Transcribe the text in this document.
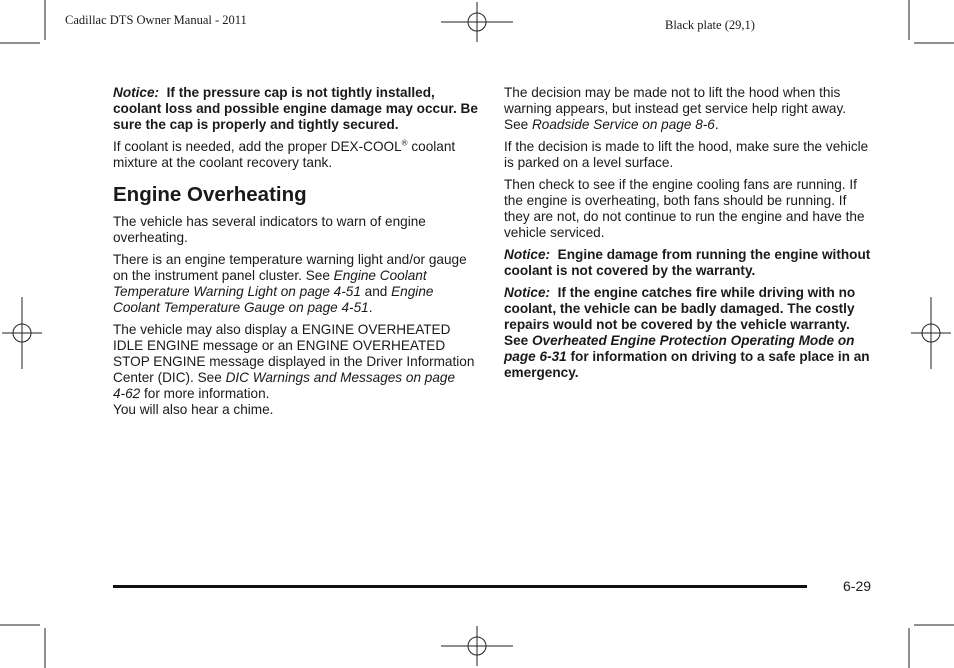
Cadillac DTS Owner Manual - 2011	Black plate (29,1)

Notice: If the pressure cap is not tightly installed, coolant loss and possible engine damage may occur. Be sure the cap is properly and tightly secured.

If coolant is needed, add the proper DEX-COOL® coolant mixture at the coolant recovery tank.

Engine Overheating

The vehicle has several indicators to warn of engine overheating.

There is an engine temperature warning light and/or gauge on the instrument panel cluster. See Engine Coolant Temperature Warning Light on page 4‑51 and Engine Coolant Temperature Gauge on page 4‑51.

The vehicle may also display a ENGINE OVERHEATED IDLE ENGINE message or an ENGINE OVERHEATED STOP ENGINE message displayed in the Driver Information Center (DIC). See DIC Warnings and Messages on page 4‑62 for more information.
You will also hear a chime.

The decision may be made not to lift the hood when this warning appears, but instead get service help right away. See Roadside Service on page 8‑6.

If the decision is made to lift the hood, make sure the vehicle is parked on a level surface.

Then check to see if the engine cooling fans are running. If the engine is overheating, both fans should be running. If they are not, do not continue to run the engine and have the vehicle serviced.

Notice: Engine damage from running the engine without coolant is not covered by the warranty.

Notice: If the engine catches fire while driving with no coolant, the vehicle can be badly damaged. The costly repairs would not be covered by the vehicle warranty. See Overheated Engine Protection Operating Mode on page 6‑31 for information on driving to a safe place in an emergency.

6-29
